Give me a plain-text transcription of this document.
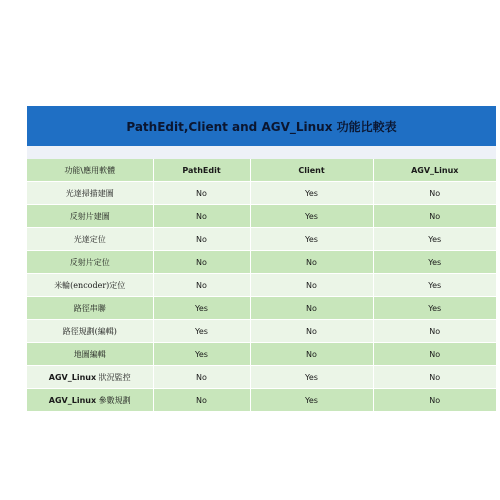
PathEdit,Client and AGV_Linux 功能比較表
功能\應用軟體	PathEdit	Client	AGV_Linux
光達掃描建圖	No	Yes	No
反射片建圖	No	Yes	No
光達定位	No	Yes	Yes
反射片定位	No	No	Yes
米輪(encoder)定位	No	No	Yes
路徑串聯	Yes	No	Yes
路徑規劃(編輯)	Yes	No	No
地圖編輯	Yes	No	No
AGV_Linux 狀況監控	No	Yes	No
AGV_Linux 參數規劃	No	Yes	No
